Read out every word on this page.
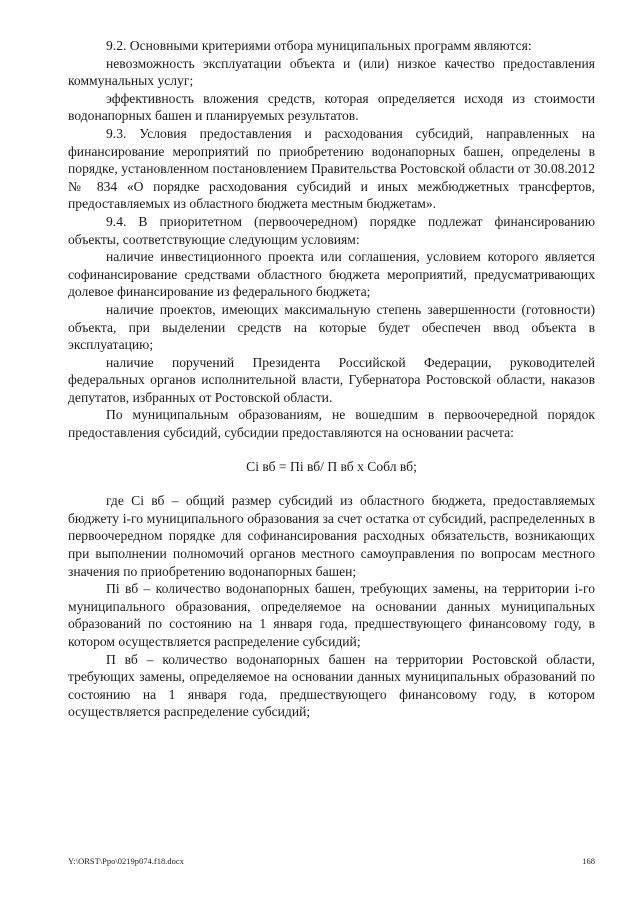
9.2. Основными критериями отбора муниципальных программ являются:

невозможность эксплуатации объекта и (или) низкое качество предоставления коммунальных услуг;

эффективность вложения средств, которая определяется исходя из стоимости водонапорных башен и планируемых результатов.

9.3. Условия предоставления и расходования субсидий, направленных на финансирование мероприятий по приобретению водонапорных башен, определены в порядке, установленном постановлением Правительства Ростовской области от 30.08.2012 № 834 «О порядке расходования субсидий и иных межбюджетных трансфертов, предоставляемых из областного бюджета местным бюджетам».

9.4. В приоритетном (первоочередном) порядке подлежат финансированию объекты, соответствующие следующим условиям:

наличие инвестиционного проекта или соглашения, условием которого является софинансирование средствами областного бюджета мероприятий, предусматривающих долевое финансирование из федерального бюджета;

наличие проектов, имеющих максимальную степень завершенности (готовности) объекта, при выделении средств на которые будет обеспечен ввод объекта в эксплуатацию;

наличие поручений Президента Российской Федерации, руководителей федеральных органов исполнительной власти, Губернатора Ростовской области, наказов депутатов, избранных от Ростовской области.

По муниципальным образованиям, не вошедшим в первоочередной порядок предоставления субсидий, субсидии предоставляются на основании расчета:

Сi вб = Пi вб/ П вб х Собл вб;

где Сi вб – общий размер субсидий из областного бюджета, предоставляемых бюджету i-го муниципального образования за счет остатка от субсидий, распределенных в первоочередном порядке для софинансирования расходных обязательств, возникающих при выполнении полномочий органов местного самоуправления по вопросам местного значения по приобретению водонапорных башен;

Пi вб – количество водонапорных башен, требующих замены, на территории i-го муниципального образования, определяемое на основании данных муниципальных образований по состоянию на 1 января года, предшествующего финансовому году, в котором осуществляется распределение субсидий;

П вб – количество водонапорных башен на территории Ростовской области, требующих замены, определяемое на основании данных муниципальных образований по состоянию на 1 января года, предшествующего финансовому году, в котором осуществляется распределение субсидий;

Y:\ORST\Ppo\0219p074.f18.docx	168
